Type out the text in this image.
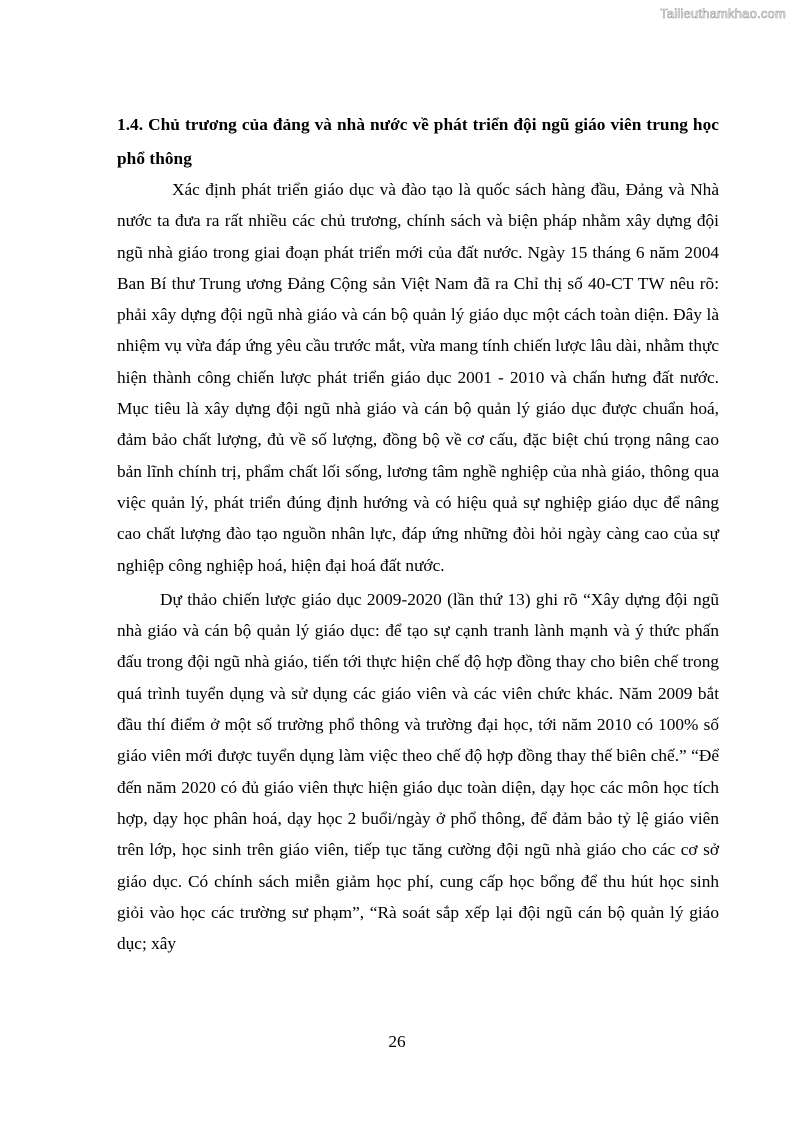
Tailieuthamkhao.com
1.4. Chủ trương của đảng và nhà nước về phát triển đội ngũ giáo viên trung học phổ thông

Xác định phát triển giáo dục và đào tạo là quốc sách hàng đầu, Đảng và Nhà nước ta đưa ra rất nhiều các chủ trương, chính sách và biện pháp nhằm xây dựng đội ngũ nhà giáo trong giai đoạn phát triển mới của đất nước. Ngày 15 tháng 6 năm 2004 Ban Bí thư Trung ương Đảng Cộng sản Việt Nam đã ra Chỉ thị số 40-CT TW nêu rõ: phải xây dựng đội ngũ nhà giáo và cán bộ quản lý giáo dục một cách toàn diện. Đây là nhiệm vụ vừa đáp ứng yêu cầu trước mắt, vừa mang tính chiến lược lâu dài, nhằm thực hiện thành công chiến lược phát triển giáo dục 2001 - 2010 và chấn hưng đất nước. Mục tiêu là xây dựng đội ngũ nhà giáo và cán bộ quản lý giáo dục được chuẩn hoá, đảm bảo chất lượng, đủ về số lượng, đồng bộ về cơ cấu, đặc biệt chú trọng nâng cao bản lĩnh chính trị, phẩm chất lối sống, lương tâm nghề nghiệp của nhà giáo, thông qua việc quản lý, phát triển đúng định hướng và có hiệu quả sự nghiệp giáo dục để nâng cao chất lượng đào tạo nguồn nhân lực, đáp ứng những đòi hỏi ngày càng cao của sự nghiệp công nghiệp hoá, hiện đại hoá đất nước.

Dự thảo chiến lược giáo dục 2009-2020 (lần thứ 13) ghi rõ “Xây dựng đội ngũ nhà giáo và cán bộ quản lý giáo dục: để tạo sự cạnh tranh lành mạnh và ý thức phấn đấu trong đội ngũ nhà giáo, tiến tới thực hiện chế độ hợp đồng thay cho biên chế trong quá trình tuyển dụng và sử dụng các giáo viên và các viên chức khác. Năm 2009 bắt đầu thí điểm ở một số trường phổ thông và trường đại học, tới năm 2010 có 100% số giáo viên mới được tuyển dụng làm việc theo chế độ hợp đồng thay thế biên chế.” “Để đến năm 2020 có đủ giáo viên thực hiện giáo dục toàn diện, dạy học các môn học tích hợp, dạy học phân hoá, dạy học 2 buổi/ngày ở phổ thông, để đảm bảo tỷ lệ giáo viên trên lớp, học sinh trên giáo viên, tiếp tục tăng cường đội ngũ nhà giáo cho các cơ sở giáo dục. Có chính sách miễn giảm học phí, cung cấp học bổng để thu hút học sinh giỏi vào học các trường sư phạm”, “Rà soát sắp xếp lại đội ngũ cán bộ quản lý giáo dục; xây

26
